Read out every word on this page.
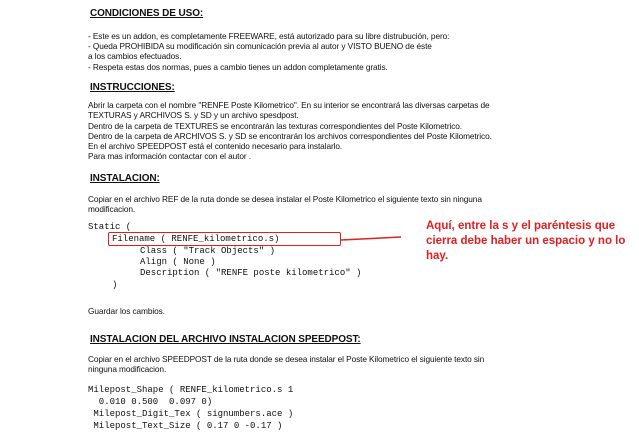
CONDICIONES DE USO:
- Este es un addon, es completamente FREEWARE, está autorizado para su libre distrubución, pero:
- Queda PROHIBIDA su modificación sin comunicación previa al autor y VISTO BUENO de éste
a los cambios efectuados.
- Respeta estas dos normas, pues a cambio tienes un addon completamente gratis.
INSTRUCCIONES:
Abrir la carpeta con el nombre "RENFE Poste Kilometrico". En su interior se encontrará las diversas carpetas de
TEXTURAS y ARCHIVOS S. y SD y un archivo spesdpost.
Dentro de la carpeta de TEXTURES se encontrarán las texturas correspondientes del Poste Kilometrico.
Dentro de la carpeta de ARCHIVOS S. y SD se encontrarán los archivos correspondientes del Poste Kilometrico.
En el archivo SPEEDPOST está el contenido necesario para instalarlo.
Para mas información contactar con el autor .
INSTALACION:
Copiar en el archivo REF de la ruta donde se desea instalar el Poste Kilometrico el siguiente texto sin ninguna
modificacion.
Static (
Filename ( RENFE_kilometrico.s)
Class ( "Track Objects" )
Align ( None )
Description ( "RENFE poste kilometrico" )
)
Aquí, entre la s y el paréntesis que cierra debe haber un espacio y no lo hay.
Guardar los cambios.
INSTALACION DEL ARCHIVO INSTALACION SPEEDPOST:
Copiar en el archivo SPEEDPOST de la ruta donde se desea instalar el Poste Kilometrico el siguiente texto sin
ninguna modificacion.
Milepost_Shape ( RENFE_kilometrico.s 1
0.010 0.500  0.097 0)
Milepost_Digit_Tex ( signumbers.ace )
Milepost_Text_Size ( 0.17 0 -0.17 )
